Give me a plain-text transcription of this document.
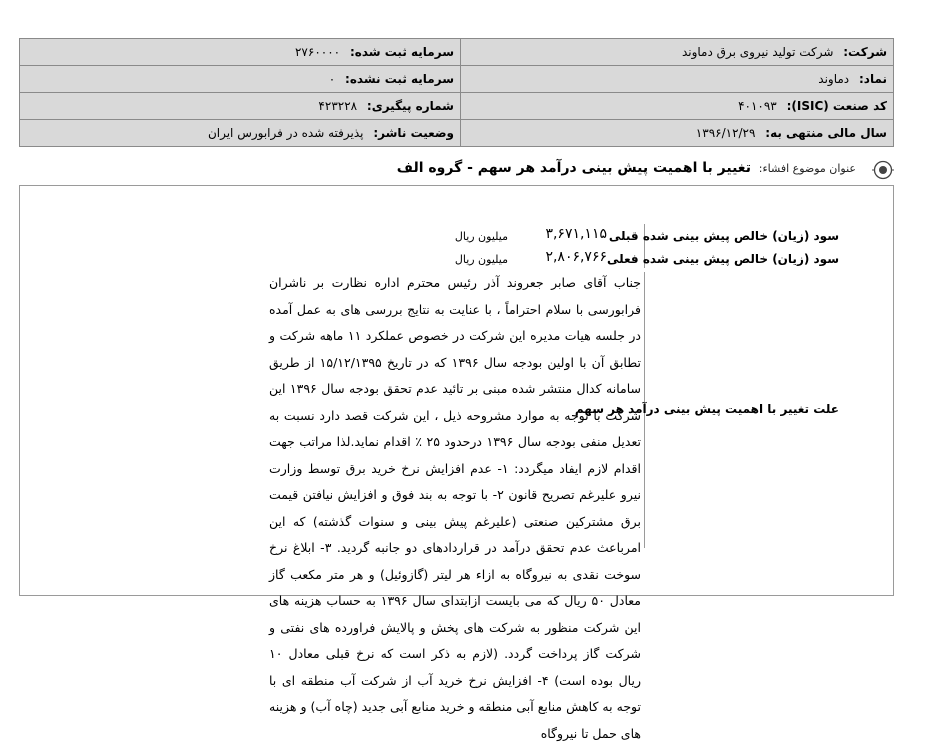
شرکت: شرکت تولید نیروی برق دماوند	سرمایه ثبت شده: ۲۷۶۰۰۰۰
نماد: دماوند	سرمایه ثبت نشده: ۰
کد صنعت (ISIC): ۴۰۱۰۹۳	شماره پیگیری: ۴۲۳۲۲۸
سال مالی منتهی به: ۱۳۹۶/۱۲/۲۹	وضعیت ناشر: پذیرفته شده در فرابورس ایران
عنوان موضوع افشاء: تغییر با اهمیت پیش بینی درآمد هر سهم - گروه الف
سود (زیان) خالص پیش بینی شده قبلی
۳,۶۷۱,۱۱۵
میلیون ریال
سود (زیان) خالص پیش بینی شده فعلی
۲,۸۰۶,۷۶۶
میلیون ریال
علت تغییر با اهمیت پیش بینی درآمد هر سهم
جناب آقای صابر جعروند آذر رئیس محترم اداره نظارت بر ناشران فرابورسی با سلام احتراماً ، با عنایت به نتایج بررسی های به عمل آمده در جلسه هیات مدیره این شرکت در خصوص عملکرد ۱۱ ماهه شرکت و تطابق آن با اولین بودجه سال ۱۳۹۶ که در تاریخ ۱۵/۱۲/۱۳۹۵ از طریق سامانه کدال منتشر شده مبنی بر تائید عدم تحقق بودجه سال ۱۳۹۶ این شرکت با توجه به موارد مشروحه ذیل ، این شرکت قصد دارد نسبت به تعدیل منفی بودجه سال ۱۳۹۶ درحدود ۲۵ ٪ اقدام نماید.لذا مراتب جهت اقدام لازم ایفاد میگردد: ۱- عدم افزایش نرخ خرید برق توسط وزارت نیرو علیرغم تصریح قانون ۲- با توجه به بند فوق و افزایش نیافتن قیمت برق مشترکین صنعتی (علیرغم پیش بینی و سنوات گذشته) که این امرباعث عدم تحقق درآمد در قراردادهای دو جانبه گردید. ۳- ابلاغ نرخ سوخت نقدی به نیروگاه به ازاء هر لیتر (گازوئیل) و هر متر مکعب گاز معادل ۵۰ ریال که می بایست ازابتدای سال ۱۳۹۶ به حساب هزینه های این شرکت منظور به شرکت های پخش و پالایش فراورده های نفتی و شرکت گاز پرداخت گردد. (لازم به ذکر است که نرخ قبلی معادل ۱۰ ریال بوده است) ۴- افزایش نرخ خرید آب از شرکت آب منطقه ای با توجه به کاهش منابع آبی منطقه و خرید منابع آبی جدید (چاه آب) و هزینه های حمل تا نیروگاه
